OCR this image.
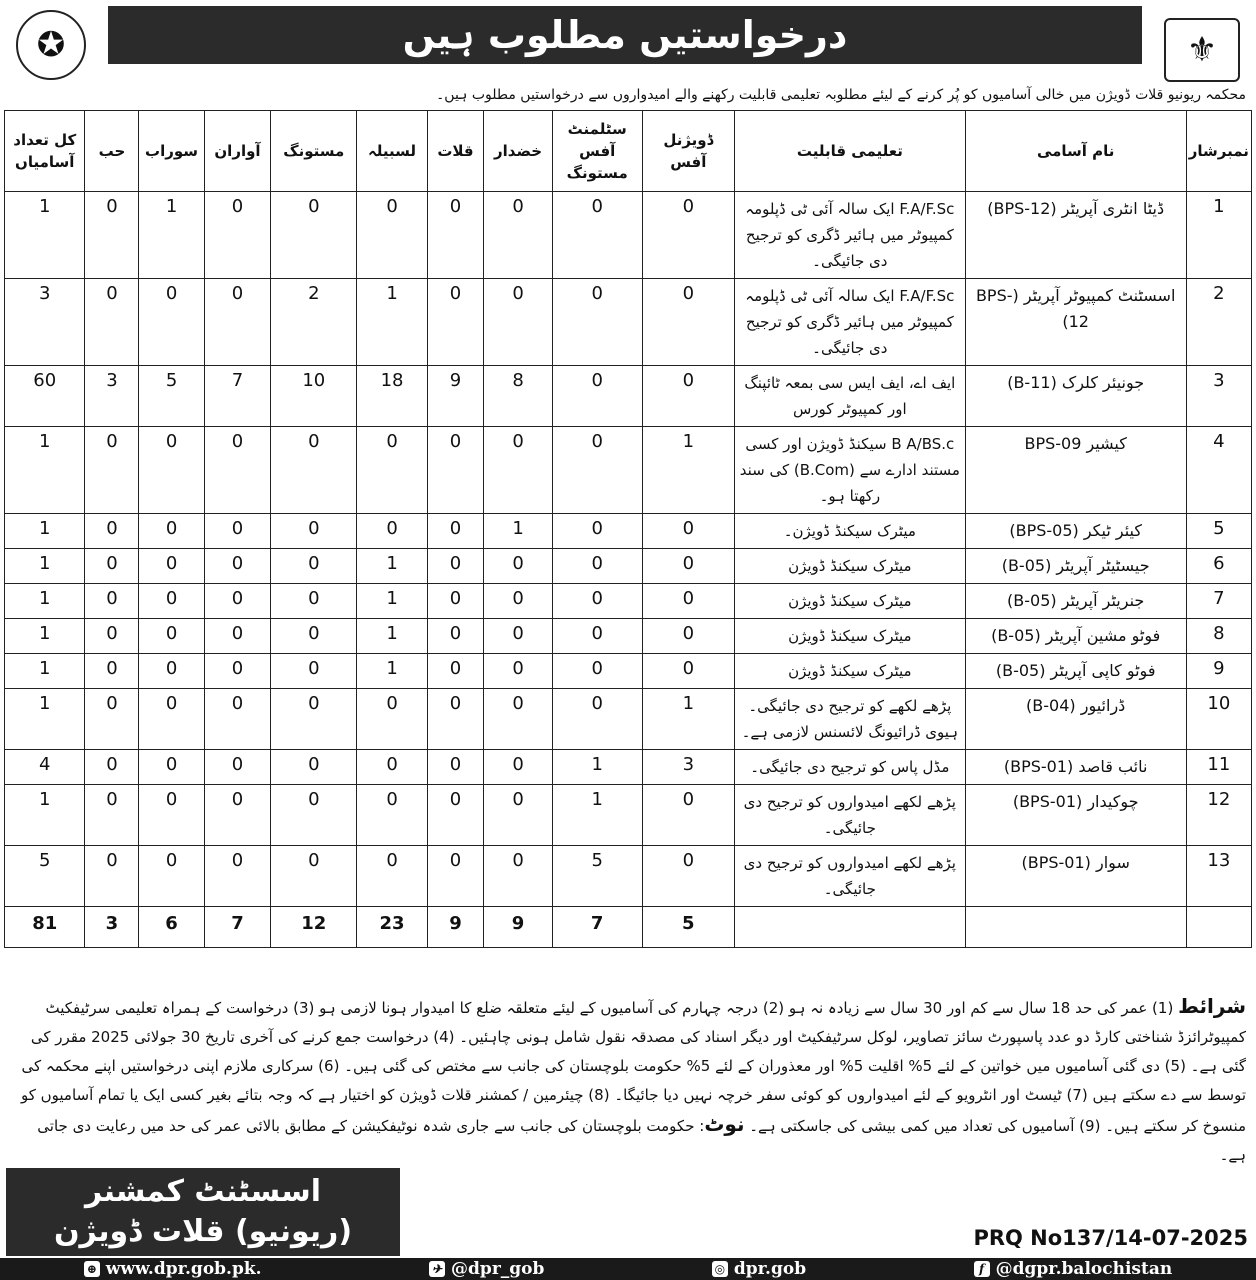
✪	درخواستیں مطلوب ہیں	⚜
محکمہ ریونیو قلات ڈویژن میں خالی آسامیوں کو پُر کرنے کے لیئے مطلوبہ تعلیمی قابلیت رکھنے والے امیدواروں سے درخواستیں مطلوب ہیں۔
کل تعداد آسامیاں	حب	سوراب	آواران	مستونگ	لسبیلہ	قلات	خضدار	سٹلمنٹ آفس مستونگ	ڈویژنل آفس	تعلیمی قابلیت	نام آسامی	نمبرشار
1	0	1	0	0	0	0	0	0	0	F.A/F.Sc ایک سالہ آئی ٹی ڈپلومہ کمپیوٹر میں ہائیر ڈگری کو ترجیح دی جائیگی۔	ڈیٹا انٹری آپریٹر (BPS-12)	1
3	0	0	0	2	1	0	0	0	0	F.A/F.Sc ایک سالہ آئی ٹی ڈپلومہ کمپیوٹر میں ہائیر ڈگری کو ترجیح دی جائیگی۔	اسسٹنٹ کمپیوٹر آپریٹر (BPS-12)	2
60	3	5	7	10	18	9	8	0	0	ایف اے، ایف ایس سی بمعہ ٹائپنگ اور کمپیوٹر کورس	جونیئر کلرک (B-11)	3
1	0	0	0	0	0	0	0	0	1	B A/BS.c سیکنڈ ڈویژن اور کسی مستند ادارے سے (B.Com) کی سند رکھتا ہو۔	کیشیر BPS-09	4
1	0	0	0	0	0	0	1	0	0	میٹرک سیکنڈ ڈویژن۔	کیئر ٹیکر (BPS-05)	5
1	0	0	0	0	1	0	0	0	0	میٹرک سیکنڈ ڈویژن	جیسٹیٹر آپریٹر (B-05)	6
1	0	0	0	0	1	0	0	0	0	میٹرک سیکنڈ ڈویژن	جنریٹر آپریٹر (B-05)	7
1	0	0	0	0	1	0	0	0	0	میٹرک سیکنڈ ڈویژن	فوٹو مشین آپریٹر (B-05)	8
1	0	0	0	0	1	0	0	0	0	میٹرک سیکنڈ ڈویژن	فوٹو کاپی آپریٹر (B-05)	9
1	0	0	0	0	0	0	0	0	1	پڑھے لکھے کو ترجیح دی جائیگی۔ ہیوی ڈرائیونگ لائسنس لازمی ہے۔	ڈرائیور (B-04)	10
4	0	0	0	0	0	0	0	1	3	مڈل پاس کو ترجیح دی جائیگی۔	نائب قاصد (BPS-01)	11
1	0	0	0	0	0	0	0	1	0	پڑھے لکھے امیدواروں کو ترجیح دی جائیگی۔	چوکیدار (BPS-01)	12
5	0	0	0	0	0	0	0	5	0	پڑھے لکھے امیدواروں کو ترجیح دی جائیگی۔	سوار (BPS-01)	13
81	3	6	7	12	23	9	9	7	5			
شرائط (1) عمر کی حد 18 سال سے کم اور 30 سال سے زیادہ نہ ہو (2) درجہ چہارم کی آسامیوں کے لیئے متعلقہ ضلع کا امیدوار ہونا لازمی ہو (3) درخواست کے ہمراہ تعلیمی سرٹیفکیٹ کمپیوٹرائزڈ شناختی کارڈ دو عدد پاسپورٹ سائز تصاویر، لوکل سرٹیفکیٹ اور دیگر اسناد کی مصدقہ نقول شامل ہونی چاہئیں۔ (4) درخواست جمع کرنے کی آخری تاریخ 30 جولائی 2025 مقرر کی گئی ہے۔ (5) دی گئی آسامیوں میں خواتین کے لئے 5% اقلیت 5% اور معذوران کے لئے 5% حکومت بلوچستان کی جانب سے مختص کی گئی ہیں۔ (6) سرکاری ملازم اپنی درخواستیں اپنے محکمہ کی توسط سے دے سکتے ہیں (7) ٹیسٹ اور انٹرویو کے لئے امیدواروں کو کوئی سفر خرچہ نہیں دیا جائیگا۔ (8) چیئرمین / کمشنر قلات ڈویژن کو اختیار ہے کہ وجہ بتائے بغیر کسی ایک یا تمام آسامیوں کو منسوخ کر سکتے ہیں۔ (9) آسامیوں کی تعداد میں کمی بیشی کی جاسکتی ہے۔ نوٹ: حکومت بلوچستان کی جانب سے جاری شدہ نوٹیفکیشن کے مطابق بالائی عمر کی حد میں رعایت دی جاتی ہے۔
اسسٹنٹ کمشنر
(ریونیو) قلات ڈویژن	PRQ No137/14-07-2025
⊕ www.dpr.gob.pk.	✈ @dpr_gob	◎ dpr.gob	f @dgpr.balochistan
